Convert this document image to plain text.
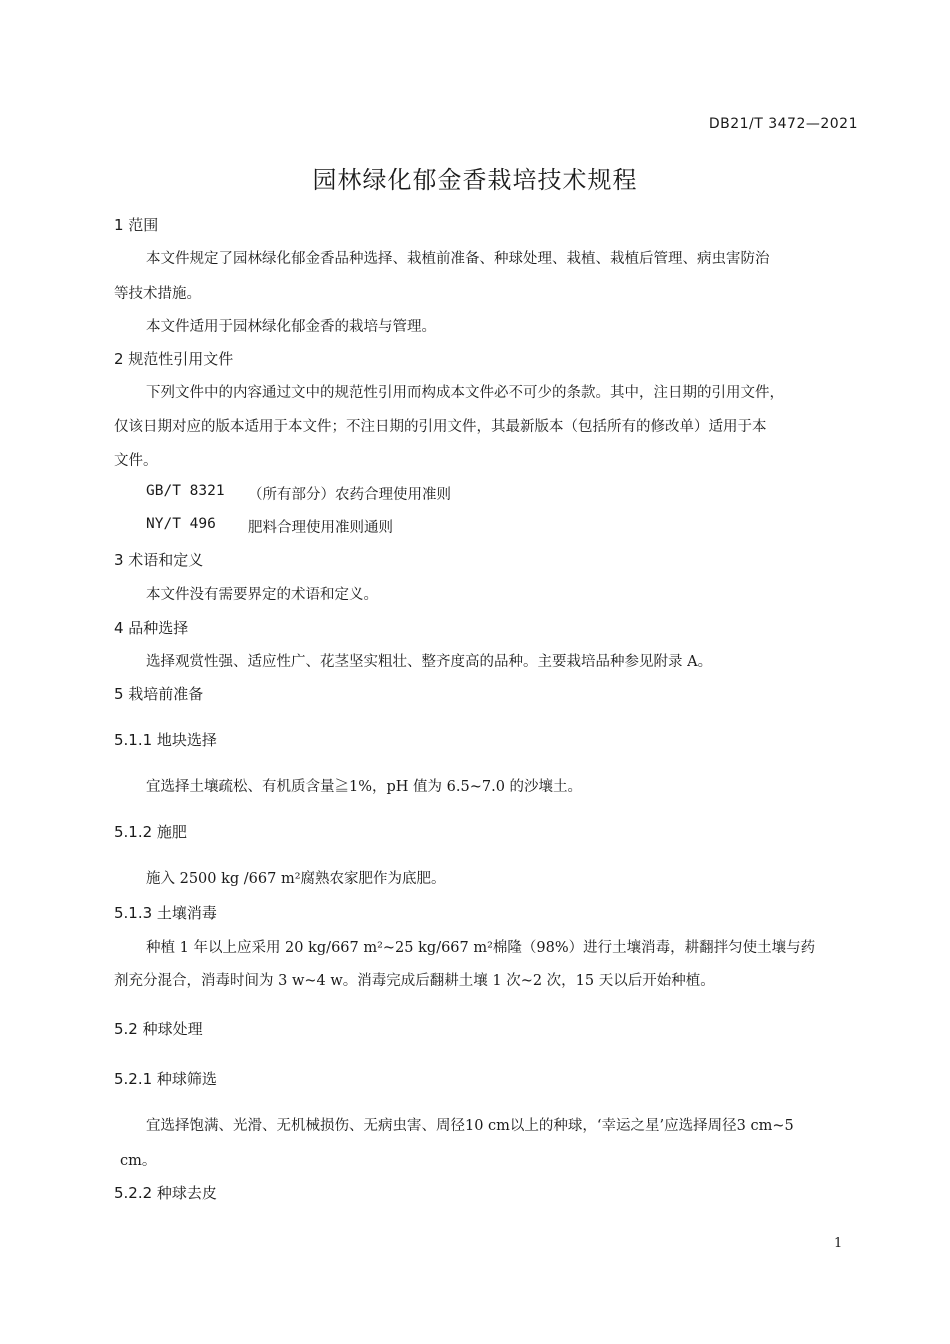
DB21/T 3472—2021
园林绿化郁金香栽培技术规程
1 范围
本文件规定了园林绿化郁金香品种选择、栽植前准备、种球处理、栽植、栽植后管理、病虫害防治
等技术措施。
本文件适用于园林绿化郁金香的栽培与管理。
2 规范性引用文件
下列文件中的内容通过文中的规范性引用而构成本文件必不可少的条款。其中，注日期的引用文件，
仅该日期对应的版本适用于本文件；不注日期的引用文件，其最新版本（包括所有的修改单）适用于本
文件。
GB/T 8321 （所有部分）农药合理使用准则
NY/T 496 肥料合理使用准则通则
3 术语和定义
本文件没有需要界定的术语和定义。
4 品种选择
选择观赏性强、适应性广、花茎坚实粗壮、整齐度高的品种。主要栽培品种参见附录 A。
5 栽培前准备
5.1.1 地块选择
宜选择土壤疏松、有机质含量≧1%，pH 值为 6.5~7.0 的沙壤土。
5.1.2 施肥
施入 2500 kg /667 m²腐熟农家肥作为底肥。
5.1.3 土壤消毒
种植 1 年以上应采用 20 kg/667 m²~25 kg/667 m²棉隆（98%）进行土壤消毒，耕翻拌匀使土壤与药
剂充分混合，消毒时间为 3 w~4 w。消毒完成后翻耕土壤 1 次~2 次，15 天以后开始种植。
5.2 种球处理
5.2.1 种球筛选
宜选择饱满、光滑、无机械损伤、无病虫害、周径10 cm以上的种球，‘幸运之星’应选择周径3 cm~5
cm。
5.2.2 种球去皮
1
